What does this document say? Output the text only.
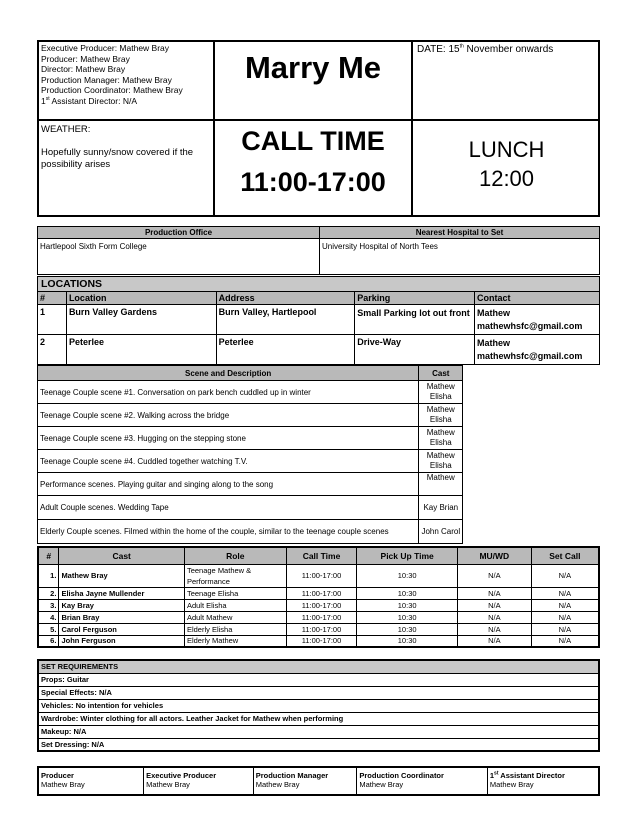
Executive Producer: Mathew Bray
Producer: Mathew Bray
Director: Mathew Bray
Production Manager: Mathew Bray
Production Coordinator: Mathew Bray
1st Assistant Director: N/A
Marry Me
DATE: 15th November onwards
WEATHER:
Hopefully sunny/snow covered if the possibility arises
CALL TIME
11:00-17:00
LUNCH
12:00
Production Office	Nearest Hospital to Set
Hartlepool Sixth Form College	University Hospital of North Tees
LOCATIONS
#	Location	Address	Parking	Contact
1	Burn Valley Gardens	Burn Valley, Hartlepool	Small Parking lot out front	Mathew mathewhsfc@gmail.com
2	Peterlee	Peterlee	Drive-Way	Mathew mathewhsfc@gmail.com
Scene and Description	Cast	
Teenage Couple scene #1. Conversation on park bench cuddled up in winter	Mathew Elisha	
Teenage Couple scene #2. Walking across the bridge	Mathew Elisha	
Teenage Couple scene #3. Hugging on the stepping stone	Mathew Elisha	
Teenage Couple scene #4. Cuddled together watching T.V.	Mathew Elisha	
Performance scenes. Playing guitar and singing along to the song	Mathew	
Adult Couple scenes. Wedding Tape	Kay Brian	
Elderly Couple scenes. Filmed within the home of the couple, similar to the teenage couple scenes	John Carol	
#	Cast	Role	Call Time	Pick Up Time	MU/WD	Set Call
1.	Mathew Bray	Teenage Mathew & Performance	11:00-17:00	10:30	N/A	N/A
2.	Elisha Jayne Mullender	Teenage Elisha	11:00-17:00	10:30	N/A	N/A
3.	Kay Bray	Adult Elisha	11:00-17:00	10:30	N/A	N/A
4.	Brian Bray	Adult Mathew	11:00-17:00	10:30	N/A	N/A
5.	Carol Ferguson	Elderly Elisha	11:00-17:00	10:30	N/A	N/A
6.	John Ferguson	Elderly Mathew	11:00-17:00	10:30	N/A	N/A
SET REQUIREMENTS
Props: Guitar
Special Effects: N/A
Vehicles: No intention for vehicles
Wardrobe: Winter clothing for all actors. Leather Jacket for Mathew when performing
Makeup: N/A
Set Dressing: N/A
Producer
Mathew Bray

Executive Producer
Mathew Bray

Production Manager
Mathew Bray

Production Coordinator
Mathew Bray

1st Assistant Director
Mathew Bray
